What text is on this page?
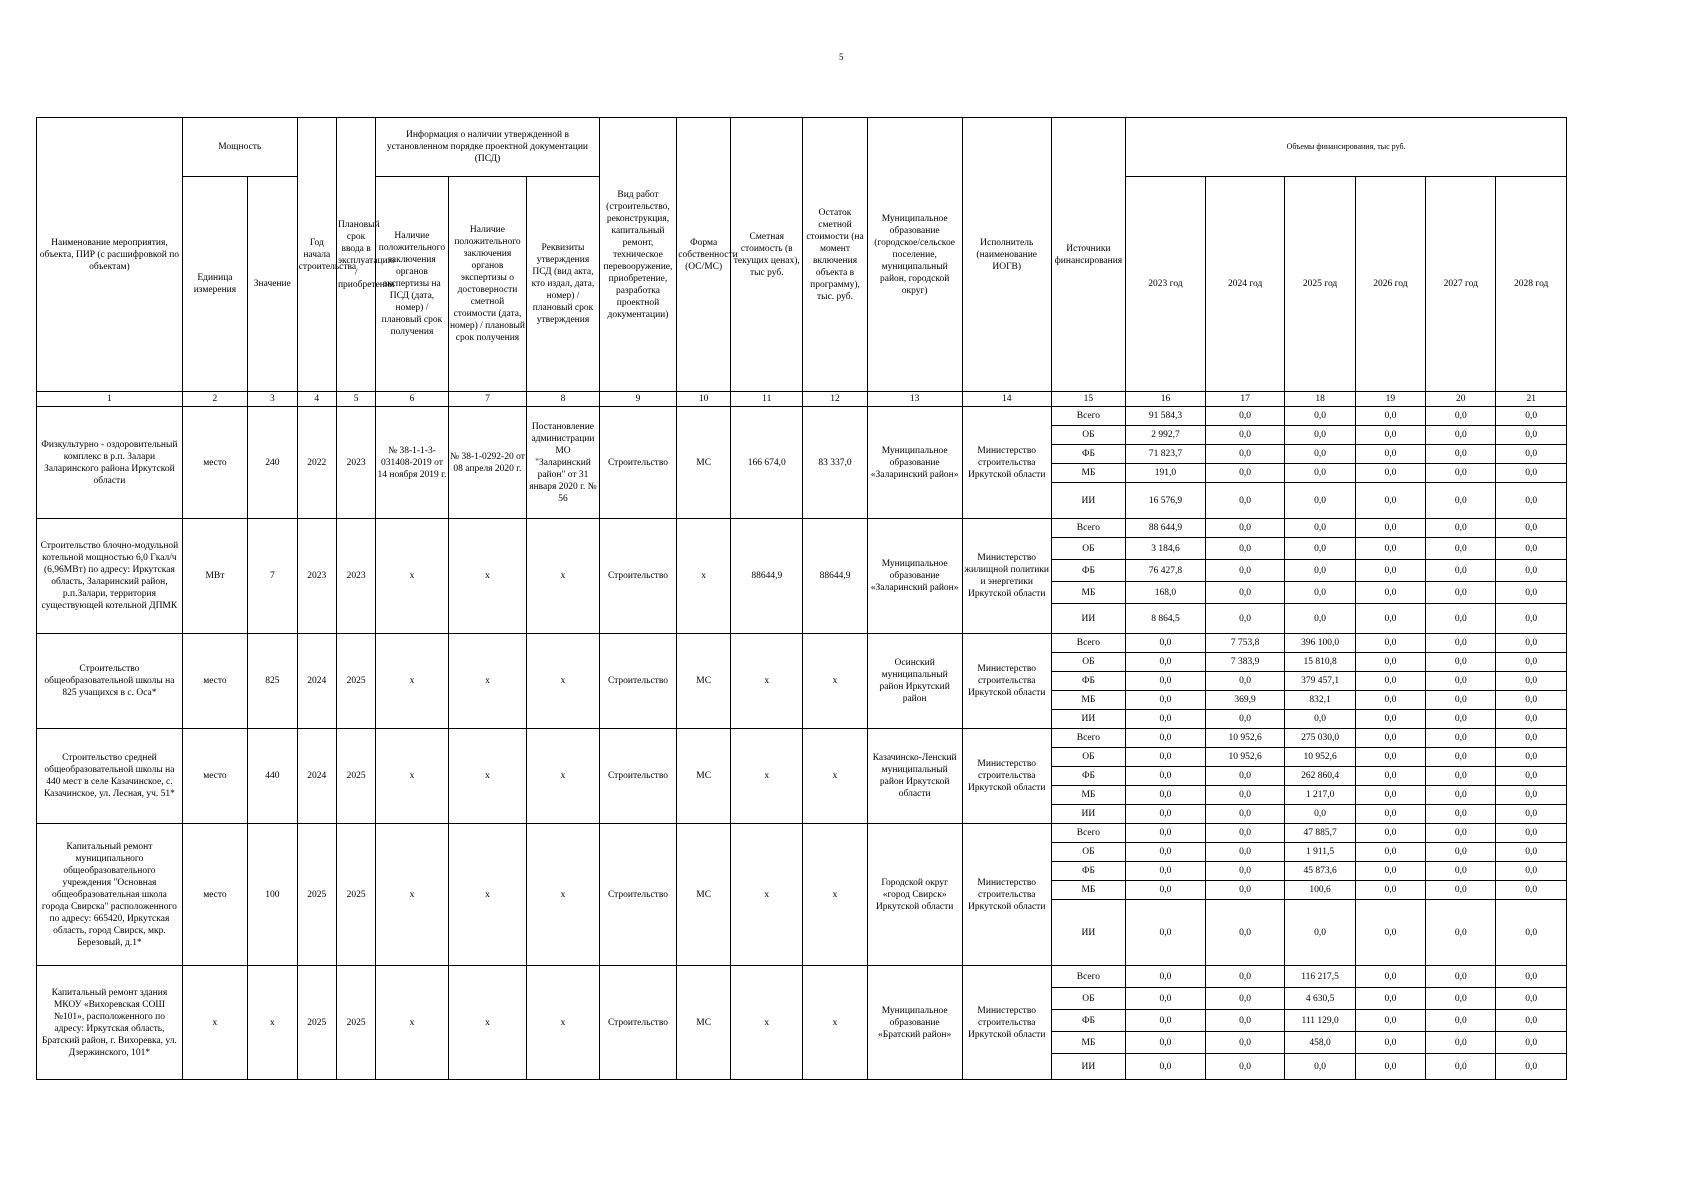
5
Наименование мероприятия, объекта, ПИР (с расшифровкой по объектам)	Мощность		Год начала строительства	Плановый срок ввода в эксплуатацию / приобретения	Информация о наличии утвержденной в установленном порядке проектной документации (ПСД)			Вид работ (строительство, реконструкция, капитальный ремонт, техническое перевооружение, приобретение, разработка проектной документации)	Форма собственности (ОС/МС)	Сметная стоимость (в текущих ценах), тыс руб.	Остаток сметной стоимости (на момент включения объекта в программу), тыс. руб.	Муниципальное образование (городское/сельское поселение, муниципальный район, городской округ)	Исполнитель (наименование ИОГВ)	Источники финансирования	Объемы финансирования, тыс руб.					
	Единица измерения	Значение			Наличие положительного заключения органов экспертизы на ПСД (дата, номер) / плановый срок получения	Наличие положительного заключения органов экспертизы о достоверности сметной стоимости (дата, номер) / плановый срок получения	Реквизиты утверждения ПСД (вид акта, кто издал, дата, номер) / плановый срок утверждения								2023 год	2024 год	2025 год	2026 год	2027 год	2028 год
1	2	3	4	5	6	7	8	9	10	11	12	13	14	15	16	17	18	19	20	21
Физкультурно - оздоровительный комплекс в р.п. Залари Заларинского района Иркутской области	место	240	2022	2023	№ 38-1-1-3-031408-2019 от 14 ноября 2019 г.	№ 38-1-0292-20 от 08 апреля 2020 г.	Постановление администрации МО "Заларинский район" от 31 января 2020 г. № 56	Строительство	МС	166 674,0	83 337,0	Муниципальное образование «Заларинский район»	Министерство строительства Иркутской области	Всего	91 584,3	0,0	0,0	0,0	0,0	0,0
														ОБ	2 992,7	0,0	0,0	0,0	0,0	0,0
														ФБ	71 823,7	0,0	0,0	0,0	0,0	0,0
														МБ	191,0	0,0	0,0	0,0	0,0	0,0
														ИИ	16 576,9	0,0	0,0	0,0	0,0	0,0
Строительство блочно-модульной котельной мощностью 6,0 Гкал/ч (6,96МВт) по адресу: Иркутская область, Заларинский район, р.п.Залари, территория существующей котельной ДПМК	МВт	7	2023	2023	х	х	х	Строительство	х	88644,9	88644,9	Муниципальное образование «Заларинский район»	Министерство жилищной политики и энергетики Иркутской области	Всего	88 644,9	0,0	0,0	0,0	0,0	0,0
														ОБ	3 184,6	0,0	0,0	0,0	0,0	0,0
														ФБ	76 427,8	0,0	0,0	0,0	0,0	0,0
														МБ	168,0	0,0	0,0	0,0	0,0	0,0
														ИИ	8 864,5	0,0	0,0	0,0	0,0	0,0
Строительство общеобразовательной школы на 825 учащихся в с. Оса*	место	825	2024	2025	х	х	х	Строительство	МС	х	х	Осинский муниципальный район Иркутский район	Министерство строительства Иркутской области	Всего	0,0	7 753,8	396 100,0	0,0	0,0	0,0
														ОБ	0,0	7 383,9	15 810,8	0,0	0,0	0,0
														ФБ	0,0	0,0	379 457,1	0,0	0,0	0,0
														МБ	0,0	369,9	832,1	0,0	0,0	0,0
														ИИ	0,0	0,0	0,0	0,0	0,0	0,0
Строительство средней общеобразовательной школы на 440 мест в селе Казачинское, с. Казачинское, ул. Лесная, уч. 51*	место	440	2024	2025	х	х	х	Строительство	МС	х	х	Казачинско-Ленский муниципальный район Иркутской области	Министерство строительства Иркутской области	Всего	0,0	10 952,6	275 030,0	0,0	0,0	0,0
														ОБ	0,0	10 952,6	10 952,6	0,0	0,0	0,0
														ФБ	0,0	0,0	262 860,4	0,0	0,0	0,0
														МБ	0,0	0,0	1 217,0	0,0	0,0	0,0
														ИИ	0,0	0,0	0,0	0,0	0,0	0,0
Капитальный ремонт муниципального общеобразовательного учреждения "Основная общеобразовательная школа города Свирска" расположенного по адресу: 665420, Иркутская область, город Свирск, мкр. Березовый, д.1*	место	100	2025	2025	х	х	х	Строительство	МС	х	х	Городской округ «город Свирск» Иркутской области	Министерство строительства Иркутской области	Всего	0,0	0,0	47 885,7	0,0	0,0	0,0
														ОБ	0,0	0,0	1 911,5	0,0	0,0	0,0
														ФБ	0,0	0,0	45 873,6	0,0	0,0	0,0
														МБ	0,0	0,0	100,6	0,0	0,0	0,0
														ИИ	0,0	0,0	0,0	0,0	0,0	0,0
Капитальный ремонт здания МКОУ «Вихоревская СОШ №101», расположенного по адресу: Иркутская область, Братский район, г. Вихоревка, ул. Дзержинского, 101*	х	х	2025	2025	х	х	х	Строительство	МС	х	х	Муниципальное образование «Братский район»	Министерство строительства Иркутской области	Всего	0,0	0,0	116 217,5	0,0	0,0	0,0
														ОБ	0,0	0,0	4 630,5	0,0	0,0	0,0
														ФБ	0,0	0,0	111 129,0	0,0	0,0	0,0
														МБ	0,0	0,0	458,0	0,0	0,0	0,0
														ИИ	0,0	0,0	0,0	0,0	0,0	0,0
